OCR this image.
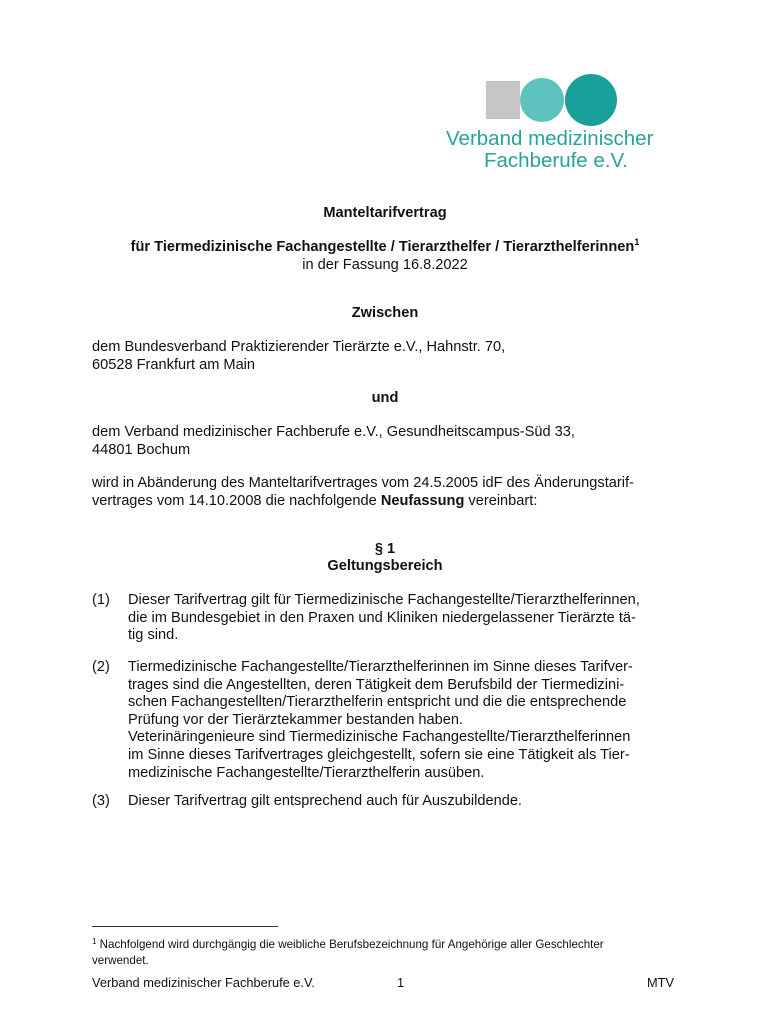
Verband medizinischer
Fachberufe e.V.
Manteltarifvertrag
für Tiermedizinische Fachangestellte / Tierarzthelfer / Tierarzthelferinnen$^1$
in der Fassung 16.8.2022
Zwischen
dem Bundesverband Praktizierender Tierärzte e.V., Hahnstr. 70,
60528 Frankfurt am Main
und
dem Verband medizinischer Fachberufe e.V., Gesundheitscampus-Süd 33,
44801 Bochum
wird in Abänderung des Manteltarifvertrages vom 24.5.2005 idF des Änderungstarif-
vertrages vom 14.10.2008 die nachfolgende Neufassung vereinbart:
§ 1
Geltungsbereich
(1) Dieser Tarifvertrag gilt für Tiermedizinische Fachangestellte/Tierarzthelferinnen,
die im Bundesgebiet in den Praxen und Kliniken niedergelassener Tierärzte tä-
tig sind.
(2) Tiermedizinische Fachangestellte/Tierarzthelferinnen im Sinne dieses Tarifver-
trages sind die Angestellten, deren Tätigkeit dem Berufsbild der Tiermedizini-
schen Fachangestellten/Tierarzthelferin entspricht und die die entsprechende
Prüfung vor der Tierärztekammer bestanden haben.
Veterinäringenieure sind Tiermedizinische Fachangestellte/Tierarzthelferinnen
im Sinne dieses Tarifvertrages gleichgestellt, sofern sie eine Tätigkeit als Tier-
medizinische Fachangestellte/Tierarzthelferin ausüben.
(3) Dieser Tarifvertrag gilt entsprechend auch für Auszubildende.
$^1$ Nachfolgend wird durchgängig die weibliche Berufsbezeichnung für Angehörige aller Geschlechter
verwendet.
Verband medizinischer Fachberufe e.V.	1	MTV
